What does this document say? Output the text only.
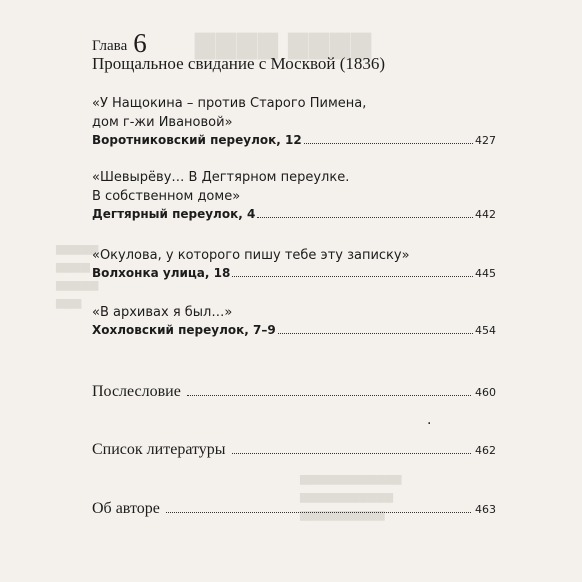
▇▇▇▇ ▇▇▇▇
▆▆▆▆▆
▆▆▆▆
▆▆▆▆▆
▆▆▆
▆▆▆▆▆▆▆▆▆▆▆▆
▆▆▆▆▆▆▆▆▆▆▆
▆▆▆▆▆▆▆▆▆▆
Глава 6
Прощальное свидание с Москвой (1836)
«У Нащокина – против Старого Пимена,
дом г-жи Ивановой»
Воротниковский переулок, 12	427
«Шевырёву… В Дегтярном переулке.
В собственном доме»
Дегтярный переулок, 4	442
«Окулова, у которого пишу тебе эту записку»
Волхонка улица, 18	445
«В архивах я был…»
Хохловский переулок, 7–9	454
Послесловие	460
.
Список литературы	462
Об авторе	463
